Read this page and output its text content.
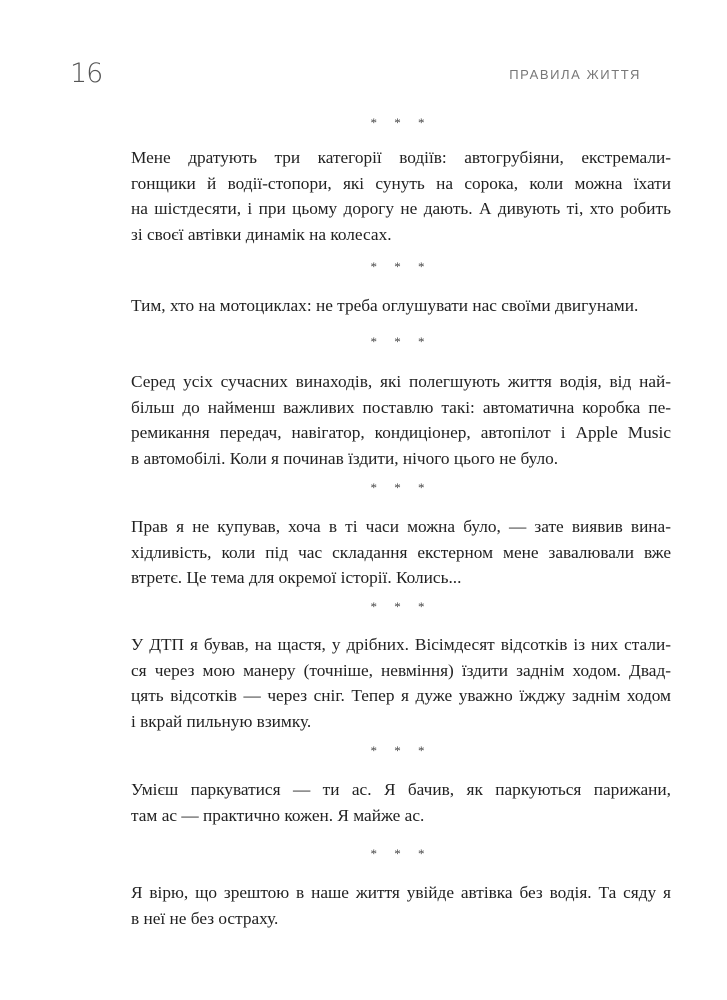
16	ПРАВИЛА ЖИТТЯ
* * *
Мене дратують три категорії водіїв: автогрубіяни, екстремали-
гонщики й водії-стопори, які сунуть на сорока, коли можна їхати
на шістдесяти, і при цьому дорогу не дають. А дивують ті, хто робить
зі своєї автівки динамік на колесах.
* * *
Тим, хто на мотоциклах: не треба оглушувати нас своїми двигунами.
* * *
Серед усіх сучасних винаходів, які полегшують життя водія, від най-
більш до найменш важливих поставлю такі: автоматична коробка пе-
ремикання передач, навігатор, кондиціонер, автопілот і Apple Music
в автомобілі. Коли я починав їздити, нічого цього не було.
* * *
Прав я не купував, хоча в ті часи можна було, — зате виявив вина-
хідливість, коли під час складання екстерном мене завалювали вже
втретє. Це тема для окремої історії. Колись...
* * *
У ДТП я бував, на щастя, у дрібних. Вісімдесят відсотків із них стали-
ся через мою манеру (точніше, невміння) їздити заднім ходом. Двад-
цять відсотків — через сніг. Тепер я дуже уважно їжджу заднім ходом
і вкрай пильную взимку.
* * *
Умієш паркуватися — ти ас. Я бачив, як паркуються парижани,
там ас — практично кожен. Я майже ас.
* * *
Я вірю, що зрештою в наше життя увійде автівка без водія. Та сяду я
в неї не без остраху.
